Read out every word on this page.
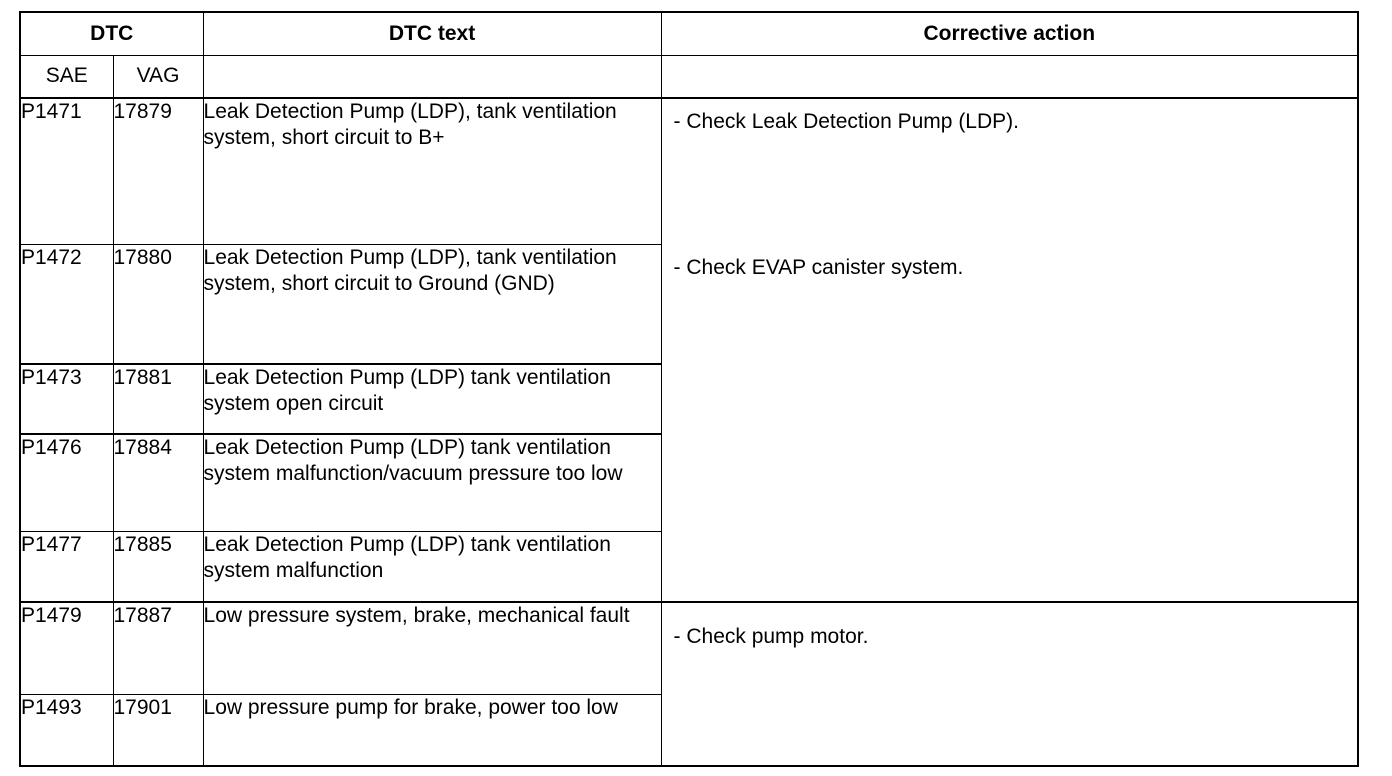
DTC		DTC text	Corrective action
SAE	VAG		
P1471	17879	Leak Detection Pump (LDP), tank ventilation system, short circuit to B+	- Check Leak Detection Pump (LDP).
- Check EVAP canister system.

P1472	17880	Leak Detection Pump (LDP), tank ventilation system, short circuit to Ground (GND)	
P1473	17881	Leak Detection Pump (LDP) tank ventilation system open circuit	
P1476	17884	Leak Detection Pump (LDP) tank ventilation system malfunction/vacuum pressure too low	
P1477	17885	Leak Detection Pump (LDP) tank ventilation system malfunction	
P1479	17887	Low pressure system, brake, mechanical fault	- Check pump motor.

P1493	17901	Low pressure pump for brake, power too low	
